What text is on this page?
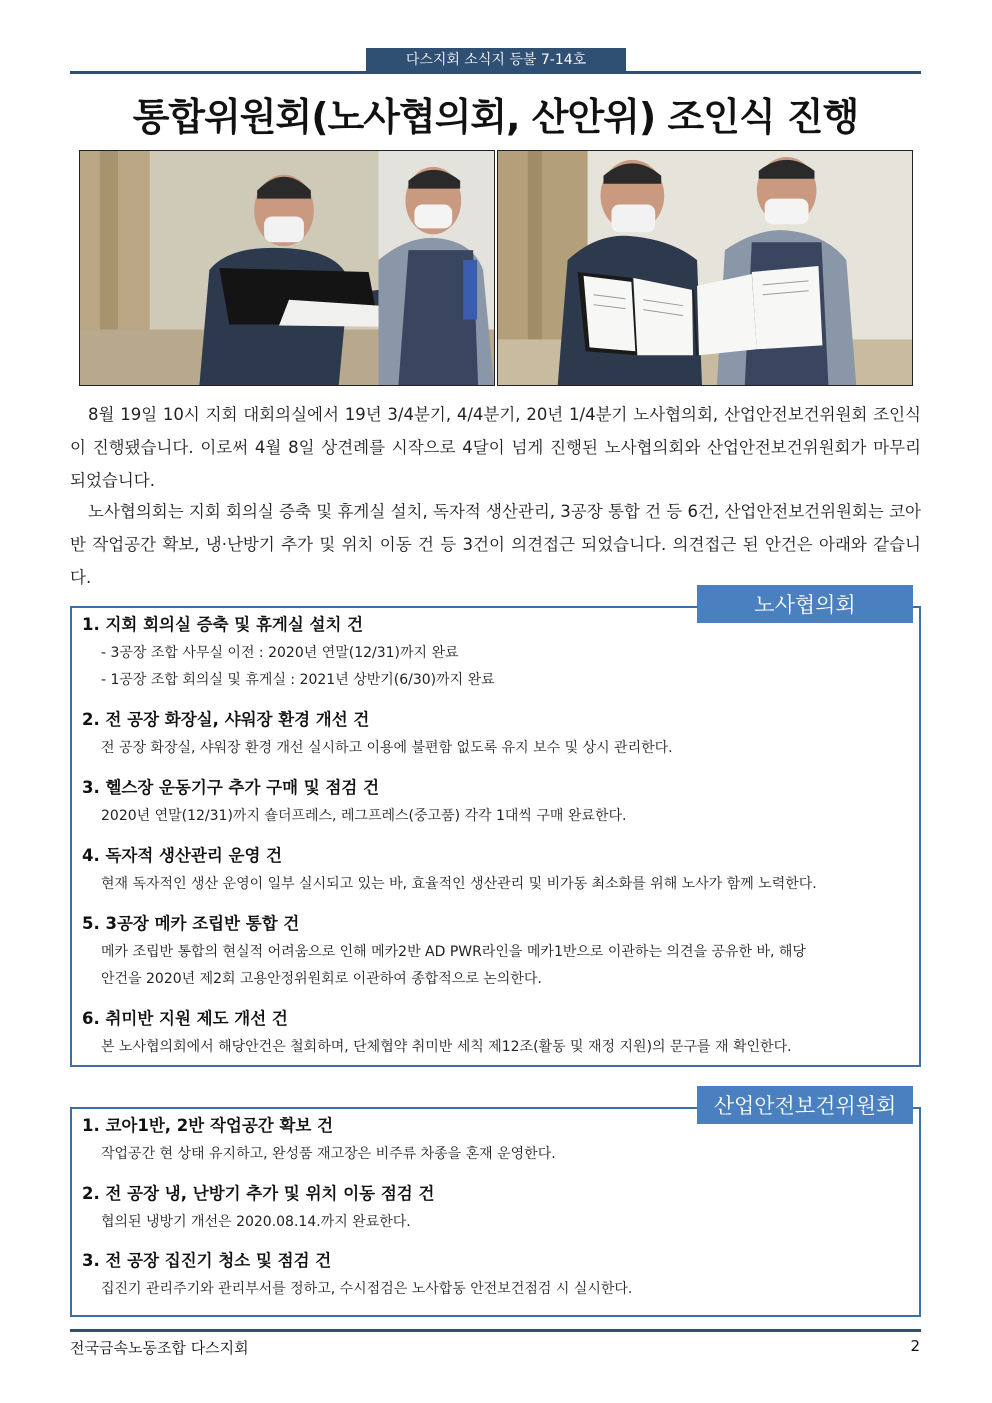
다스지회 소식지 등불 7-14호
통합위원회(노사협의회, 산안위) 조인식 진행

8월 19일 10시 지회 대회의실에서 19년 3/4분기, 4/4분기, 20년 1/4분기 노사협의회, 산업안전보건위원회 조인식이 진행됐습니다. 이로써 4월 8일 상견례를 시작으로 4달이 넘게 진행된 노사협의회와 산업안전보건위원회가 마무리 되었습니다.

노사협의회는 지회 회의실 증축 및 휴게실 설치, 독자적 생산관리, 3공장 통합 건 등 6건, 산업안전보건위원회는 코아반 작업공간 확보, 냉·난방기 추가 및 위치 이동 건 등 3건이 의견접근 되었습니다. 의견접근 된 안건은 아래와 같습니다.

노사협의회
1. 지회 회의실 증축 및 휴게실 설치 건
- 3공장 조합 사무실 이전 : 2020년 연말(12/31)까지 완료
- 1공장 조합 회의실 및 휴게실 : 2021년 상반기(6/30)까지 완료
2. 전 공장 화장실, 샤워장 환경 개선 건
전 공장 화장실, 샤워장 환경 개선 실시하고 이용에 불편함 없도록 유지 보수 및 상시 관리한다.
3. 헬스장 운동기구 추가 구매 및 점검 건
2020년 연말(12/31)까지 숄더프레스, 레그프레스(중고품) 각각 1대씩 구매 완료한다.
4. 독자적 생산관리 운영 건
현재 독자적인 생산 운영이 일부 실시되고 있는 바, 효율적인 생산관리 및 비가동 최소화를 위해 노사가 함께 노력한다.
5. 3공장 메카 조립반 통합 건
메카 조립반 통합의 현실적 어려움으로 인해 메카2반 AD PWR라인을 메카1반으로 이관하는 의견을 공유한 바, 해당
안건을 2020년 제2회 고용안정위원회로 이관하여 종합적으로 논의한다.
6. 취미반 지원 제도 개선 건
본 노사협의회에서 해당안건은 철회하며, 단체협약 취미반 세칙 제12조(활동 및 재정 지원)의 문구를 재 확인한다.
산업안전보건위원회
1. 코아1반, 2반 작업공간 확보 건
작업공간 현 상태 유지하고, 완성품 재고장은 비주류 차종을 혼재 운영한다.
2. 전 공장 냉, 난방기 추가 및 위치 이동 점검 건
협의된 냉방기 개선은 2020.08.14.까지 완료한다.
3. 전 공장 집진기 청소 및 점검 건
집진기 관리주기와 관리부서를 정하고, 수시점검은 노사합동 안전보건점검 시 실시한다.
전국금속노동조합 다스지회	2
